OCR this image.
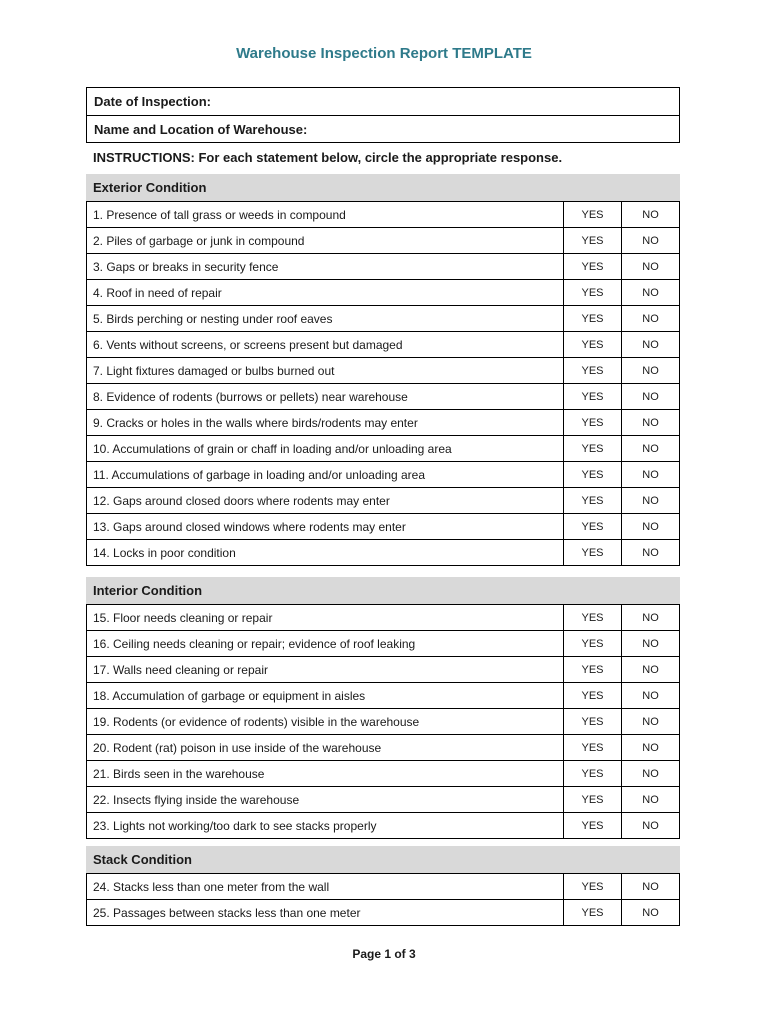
Warehouse Inspection Report TEMPLATE
Date of Inspection:
Name and Location of Warehouse:
INSTRUCTIONS: For each statement below, circle the appropriate response.
Exterior Condition
1. Presence of tall grass or weeds in compound	YES	NO
2. Piles of garbage or junk in compound	YES	NO
3. Gaps or breaks in security fence	YES	NO
4. Roof in need of repair	YES	NO
5. Birds perching or nesting under roof eaves	YES	NO
6. Vents without screens, or screens present but damaged	YES	NO
7. Light fixtures damaged or bulbs burned out	YES	NO
8. Evidence of rodents (burrows or pellets) near warehouse	YES	NO
9. Cracks or holes in the walls where birds/rodents may enter	YES	NO
10. Accumulations of grain or chaff in loading and/or unloading area	YES	NO
11. Accumulations of garbage in loading and/or unloading area	YES	NO
12. Gaps around closed doors where rodents may enter	YES	NO
13. Gaps around closed windows where rodents may enter	YES	NO
14. Locks in poor condition	YES	NO
Interior Condition
15. Floor needs cleaning or repair	YES	NO
16. Ceiling needs cleaning or repair; evidence of roof leaking	YES	NO
17. Walls need cleaning or repair	YES	NO
18. Accumulation of garbage or equipment in aisles	YES	NO
19. Rodents (or evidence of rodents) visible in the warehouse	YES	NO
20. Rodent (rat) poison in use inside of the warehouse	YES	NO
21. Birds seen in the warehouse	YES	NO
22. Insects flying inside the warehouse	YES	NO
23. Lights not working/too dark to see stacks properly	YES	NO
Stack Condition
24. Stacks less than one meter from the wall	YES	NO
25. Passages between stacks less than one meter	YES	NO
Page 1 of 3
